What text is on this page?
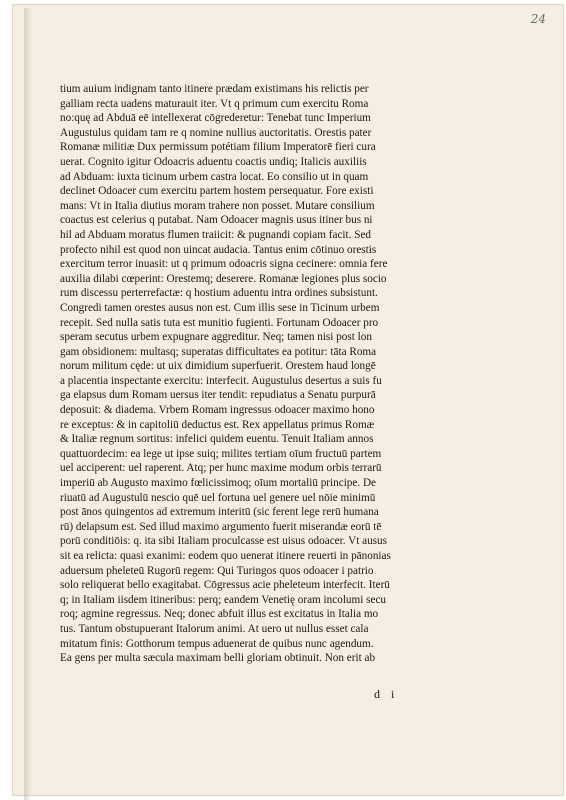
24
tium auium indignam tanto itinere prædam existimans his relictis per
galliam recta uadens maturauit iter. Vt q primum cum exercitu Roma
no:quę ad Abduā eē intellexerat cōgrederetur: Tenebat tunc Imperium
Augustulus quidam tam re q nomine nullius auctoritatis. Orestis pater
Romanæ militiæ Dux permissum potétiam filium Imperatorē fieri cura
uerat. Cognito igitur Odoacris aduentu coactis undiq; Italicis auxiliis
ad Abduam: iuxta ticinum urbem castra locat. Eo consilio ut in quam
declinet Odoacer cum exercitu partem hostem persequatur. Fore existi
mans: Vt in Italia diutius moram trahere non posset. Mutare consilium
coactus est celerius q putabat. Nam Odoacer magnis usus itiner bus ni
hil ad Abduam moratus flumen traiicit: & pugnandi copiam facit. Sed
profecto nihil est quod non uincat audacia. Tantus enim cōtinuo orestis
exercitum terror inuasit: ut q primum odoacris signa cecinere: omnia fere
auxilia dilabi cœperint: Orestemq; deserere. Romanæ legiones plus socio
rum discessu perterrefactæ: q hostium aduentu intra ordines subsistunt.
Congredi tamen orestes ausus non est. Cum illis sese in Ticinum urbem
recepit. Sed nulla satis tuta est munitio fugienti. Fortunam Odoacer pro
speram secutus urbem expugnare aggreditur. Neq; tamen nisi post lon
gam obsidionem: multasq; superatas difficultates ea potitur: tāta Roma
norum militum cęde: ut uix dimidium superfuerit. Orestem haud longē
a placentia inspectante exercitu: interfecit. Augustulus desertus a suis fu
ga elapsus dum Romam uersus iter tendit: repudiatus a Senatu purpurā
deposuit: & diadema. Vrbem Romam ingressus odoacer maximo hono
re exceptus: & in capitoliū deductus est. Rex appellatus primus Romæ
& Italiæ regnum sortitus: infelici quidem euentu. Tenuit Italiam annos
quattuordecim: ea lege ut ipse suiq; milites tertiam oīum fructuū partem
uel acciperent: uel raperent. Atq; per hunc maxime modum orbis terrarū
imperiū ab Augusto maximo fœlicissimoq; oīum mortaliū principe. De
riuatū ad Augustulū nescio quē uel fortuna uel genere uel nōie minimū
post ānos quingentos ad extremum interitū (sic ferent lege rerū humana
rū) delapsum est. Sed illud maximo argumento fuerit miserandæ eorū tē
porū conditiōis: q. ita sibi Italiam proculcasse est uisus odoacer. Vt ausus
sit ea relicta: quasi exanimi: eodem quo uenerat itinere reuerti in pānonias
aduersum pheleteū Rugorū regem: Qui Turingos quos odoacer i patrio
solo reliquerat bello exagitabat. Cōgressus acie pheleteum interfecit. Iterū
q; in Italiam iisdem itineribus: perq; eandem Venetię oram incolumi secu
roq; agmine regressus. Neq; donec abfuit illus est excitatus in Italia mo
tus. Tantum obstupuerant Italorum animi. At uero ut nullus esset cala
mitatum finis: Gotthorum tempus aduenerat de quibus nunc agendum.
Ea gens per multa sæcula maximam belli gloriam obtinuit. Non erit ab
d i
